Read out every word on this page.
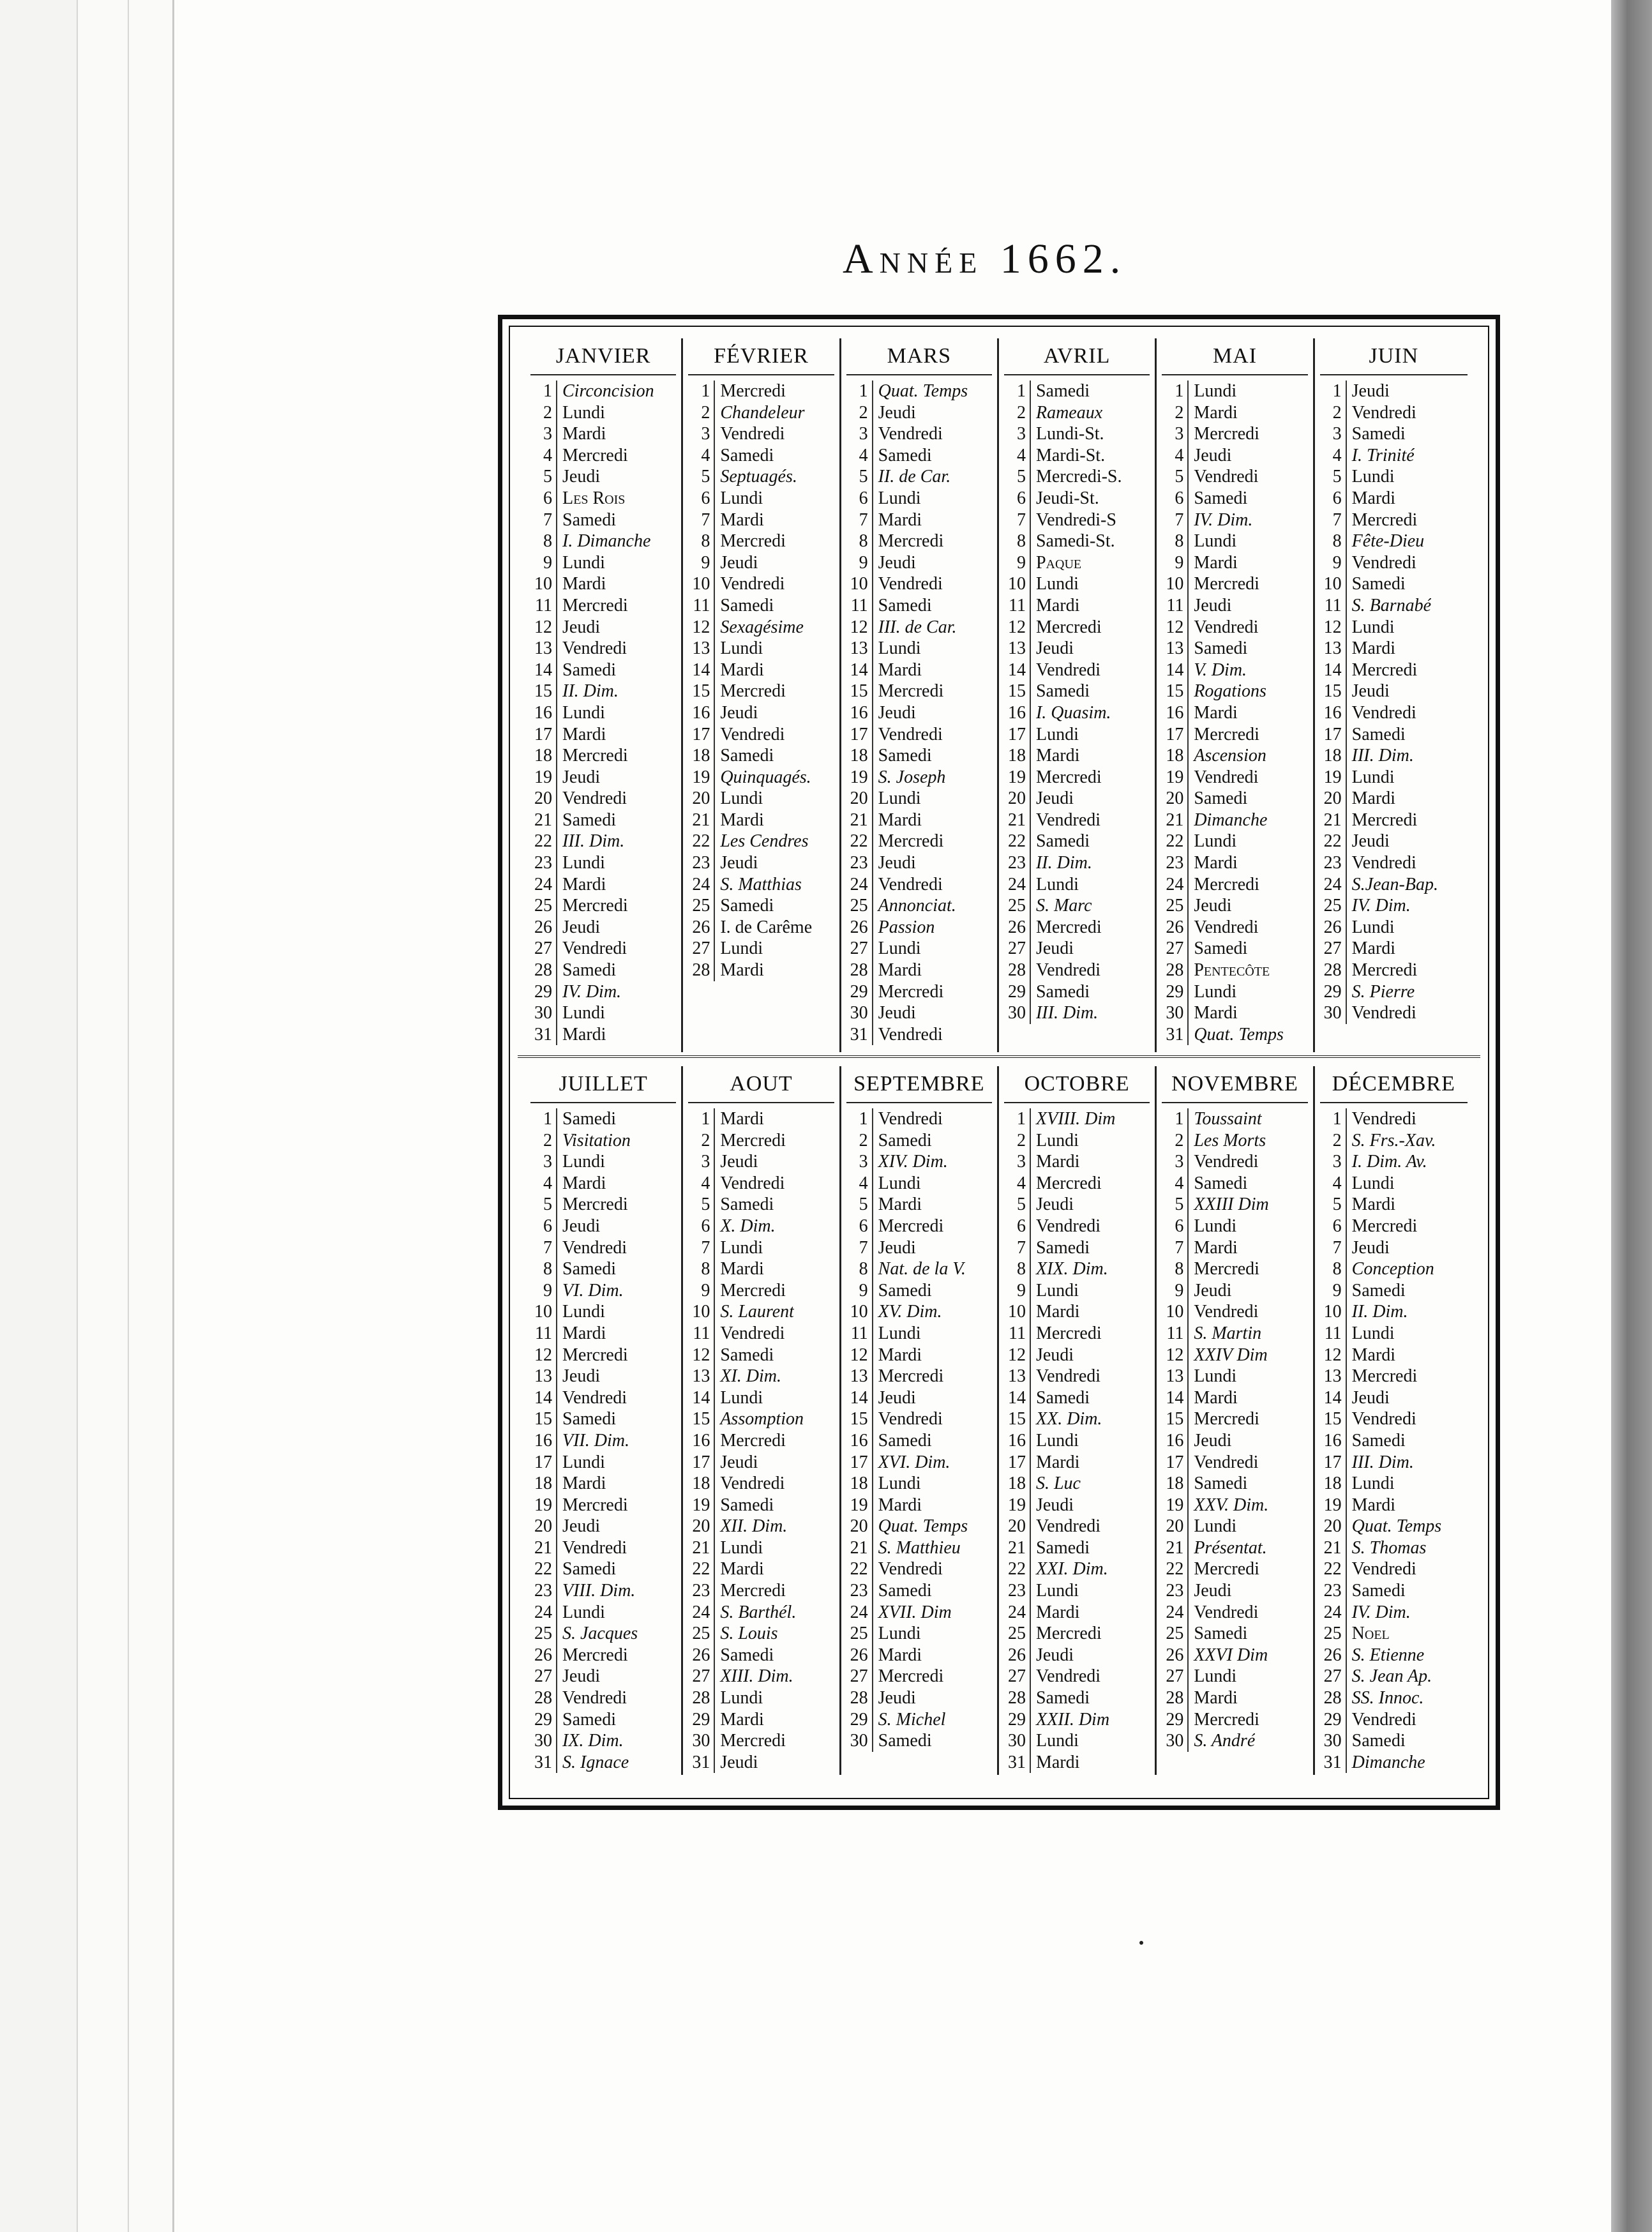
Année 1662.
JANVIER
1 Circoncision
2 Lundi
3 Mardi
4 Mercredi
5 Jeudi
6 Les Rois
7 Samedi
8 I. Dimanche
9 Lundi
10 Mardi
11 Mercredi
12 Jeudi
13 Vendredi
14 Samedi
15 II. Dim.
16 Lundi
17 Mardi
18 Mercredi
19 Jeudi
20 Vendredi
21 Samedi
22 III. Dim.
23 Lundi
24 Mardi
25 Mercredi
26 Jeudi
27 Vendredi
28 Samedi
29 IV. Dim.
30 Lundi
31 Mardi
FÉVRIER
1 Mercredi
2 Chandeleur
3 Vendredi
4 Samedi
5 Septuagés.
6 Lundi
7 Mardi
8 Mercredi
9 Jeudi
10 Vendredi
11 Samedi
12 Sexagésime
13 Lundi
14 Mardi
15 Mercredi
16 Jeudi
17 Vendredi
18 Samedi
19 Quinquagés.
20 Lundi
21 Mardi
22 Les Cendres
23 Jeudi
24 S. Matthias
25 Samedi
26 I. de Carême
27 Lundi
28 Mardi
MARS
1 Quat. Temps
2 Jeudi
3 Vendredi
4 Samedi
5 II. de Car.
6 Lundi
7 Mardi
8 Mercredi
9 Jeudi
10 Vendredi
11 Samedi
12 III. de Car.
13 Lundi
14 Mardi
15 Mercredi
16 Jeudi
17 Vendredi
18 Samedi
19 S. Joseph
20 Lundi
21 Mardi
22 Mercredi
23 Jeudi
24 Vendredi
25 Annonciat.
26 Passion
27 Lundi
28 Mardi
29 Mercredi
30 Jeudi
31 Vendredi
AVRIL
1 Samedi
2 Rameaux
3 Lundi-St.
4 Mardi-St.
5 Mercredi-S.
6 Jeudi-St.
7 Vendredi-S
8 Samedi-St.
9 Paque
10 Lundi
11 Mardi
12 Mercredi
13 Jeudi
14 Vendredi
15 Samedi
16 I. Quasim.
17 Lundi
18 Mardi
19 Mercredi
20 Jeudi
21 Vendredi
22 Samedi
23 II. Dim.
24 Lundi
25 S. Marc
26 Mercredi
27 Jeudi
28 Vendredi
29 Samedi
30 III. Dim.
MAI
1 Lundi
2 Mardi
3 Mercredi
4 Jeudi
5 Vendredi
6 Samedi
7 IV. Dim.
8 Lundi
9 Mardi
10 Mercredi
11 Jeudi
12 Vendredi
13 Samedi
14 V. Dim.
15 Rogations
16 Mardi
17 Mercredi
18 Ascension
19 Vendredi
20 Samedi
21 Dimanche
22 Lundi
23 Mardi
24 Mercredi
25 Jeudi
26 Vendredi
27 Samedi
28 Pentecôte
29 Lundi
30 Mardi
31 Quat. Temps
JUIN
1 Jeudi
2 Vendredi
3 Samedi
4 I. Trinité
5 Lundi
6 Mardi
7 Mercredi
8 Fête-Dieu
9 Vendredi
10 Samedi
11 S. Barnabé
12 Lundi
13 Mardi
14 Mercredi
15 Jeudi
16 Vendredi
17 Samedi
18 III. Dim.
19 Lundi
20 Mardi
21 Mercredi
22 Jeudi
23 Vendredi
24 S.Jean-Bap.
25 IV. Dim.
26 Lundi
27 Mardi
28 Mercredi
29 S. Pierre
30 Vendredi
JUILLET
1 Samedi
2 Visitation
3 Lundi
4 Mardi
5 Mercredi
6 Jeudi
7 Vendredi
8 Samedi
9 VI. Dim.
10 Lundi
11 Mardi
12 Mercredi
13 Jeudi
14 Vendredi
15 Samedi
16 VII. Dim.
17 Lundi
18 Mardi
19 Mercredi
20 Jeudi
21 Vendredi
22 Samedi
23 VIII. Dim.
24 Lundi
25 S. Jacques
26 Mercredi
27 Jeudi
28 Vendredi
29 Samedi
30 IX. Dim.
31 S. Ignace
AOUT
1 Mardi
2 Mercredi
3 Jeudi
4 Vendredi
5 Samedi
6 X. Dim.
7 Lundi
8 Mardi
9 Mercredi
10 S. Laurent
11 Vendredi
12 Samedi
13 XI. Dim.
14 Lundi
15 Assomption
16 Mercredi
17 Jeudi
18 Vendredi
19 Samedi
20 XII. Dim.
21 Lundi
22 Mardi
23 Mercredi
24 S. Barthél.
25 S. Louis
26 Samedi
27 XIII. Dim.
28 Lundi
29 Mardi
30 Mercredi
31 Jeudi
SEPTEMBRE
1 Vendredi
2 Samedi
3 XIV. Dim.
4 Lundi
5 Mardi
6 Mercredi
7 Jeudi
8 Nat. de la V.
9 Samedi
10 XV. Dim.
11 Lundi
12 Mardi
13 Mercredi
14 Jeudi
15 Vendredi
16 Samedi
17 XVI. Dim.
18 Lundi
19 Mardi
20 Quat. Temps
21 S. Matthieu
22 Vendredi
23 Samedi
24 XVII. Dim
25 Lundi
26 Mardi
27 Mercredi
28 Jeudi
29 S. Michel
30 Samedi
OCTOBRE
1 XVIII. Dim
2 Lundi
3 Mardi
4 Mercredi
5 Jeudi
6 Vendredi
7 Samedi
8 XIX. Dim.
9 Lundi
10 Mardi
11 Mercredi
12 Jeudi
13 Vendredi
14 Samedi
15 XX. Dim.
16 Lundi
17 Mardi
18 S. Luc
19 Jeudi
20 Vendredi
21 Samedi
22 XXI. Dim.
23 Lundi
24 Mardi
25 Mercredi
26 Jeudi
27 Vendredi
28 Samedi
29 XXII. Dim
30 Lundi
31 Mardi
NOVEMBRE
1 Toussaint
2 Les Morts
3 Vendredi
4 Samedi
5 XXIII Dim
6 Lundi
7 Mardi
8 Mercredi
9 Jeudi
10 Vendredi
11 S. Martin
12 XXIV Dim
13 Lundi
14 Mardi
15 Mercredi
16 Jeudi
17 Vendredi
18 Samedi
19 XXV. Dim.
20 Lundi
21 Présentat.
22 Mercredi
23 Jeudi
24 Vendredi
25 Samedi
26 XXVI Dim
27 Lundi
28 Mardi
29 Mercredi
30 S. André
DÉCEMBRE
1 Vendredi
2 S. Frs.-Xav.
3 I. Dim. Av.
4 Lundi
5 Mardi
6 Mercredi
7 Jeudi
8 Conception
9 Samedi
10 II. Dim.
11 Lundi
12 Mardi
13 Mercredi
14 Jeudi
15 Vendredi
16 Samedi
17 III. Dim.
18 Lundi
19 Mardi
20 Quat. Temps
21 S. Thomas
22 Vendredi
23 Samedi
24 IV. Dim.
25 Noel
26 S. Etienne
27 S. Jean Ap.
28 SS. Innoc.
29 Vendredi
30 Samedi
31 Dimanche
